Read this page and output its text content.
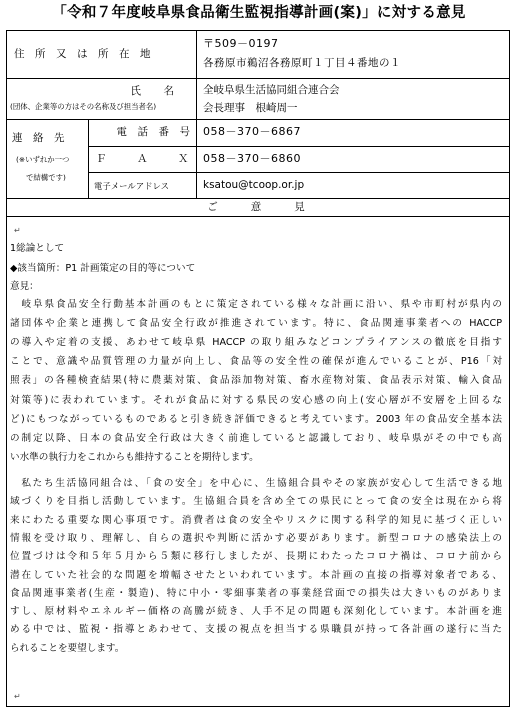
「令和７年度岐阜県食品衛生監視指導計画(案)」に対する意見
住　所　又　は　所　在　地
〒509－0197
各務原市鵜沼各務原町１丁目４番地の１
氏　名
(団体、企業等の方はその名称及び担当者名)
全岐阜県生活協同組合連合会
会長理事　根崎周一
連　絡　先
(※いずれか一つ
で結構です)
電　話　番　号 058－370－6867
Ｆ　Ａ　Ｘ 058－370－6860
電子メールアドレス	ksatou@tcoop.or.jp
ご　　意　　見
1総論として
◆該当箇所：P1 計画策定の目的等について
意見：
　岐阜県食品安全行動基本計画のもとに策定されている様々な計画に沿い、県や市町村が県内の
諸団体や企業と連携して食品安全行政が推進されています。特に、食品関連事業者への HACCP
の導入や定着の支援、あわせて岐阜県 HACCP の取り組みなどコンプライアンスの徹底を目指す
ことで、意識や品質管理の力量が向上し、食品等の安全性の確保が進んでいることが、P16「対
照表」の各種検査結果(特に農薬対策、食品添加物対策、畜水産物対策、食品表示対策、輸入食品
対策等)に表われています。それが食品に対する県民の安心感の向上(安心層が不安層を上回るな
ど)にもつながっているものであると引き続き評価できると考えています。2003 年の食品安全基本法
の制定以降、日本の食品安全行政は大きく前進していると認識しており、岐阜県がその中でも高
い水準の執行力をこれからも維持することを期待します。
　私たち生活協同組合は、「食の安全」を中心に、生協組合員やその家族が安心して生活できる地
域づくりを目指し活動しています。生協組合員を含め全ての県民にとって食の安全は現在から将
来にわたる重要な関心事項です。消費者は食の安全やリスクに関する科学的知見に基づく正しい
情報を受け取り、理解し、自らの選択や判断に活かす必要があります。新型コロナの感染法上の
位置づけは令和５年５月から５類に移行しましたが、長期にわたったコロナ禍は、コロナ前から
潜在していた社会的な問題を増幅させたといわれています。本計画の直接の指導対象者である、
食品関連事業者(生産・製造)、特に中小・零細事業者の事業経営面での損失は大きいものがありま
すし、原材料やエネルギー価格の高騰が続き、人手不足の問題も深刻化しています。本計画を進
める中では、監視・指導とあわせて、支援の視点を担当する県職員が持って各計画の遂行に当た
られることを要望します。
↵
↵
